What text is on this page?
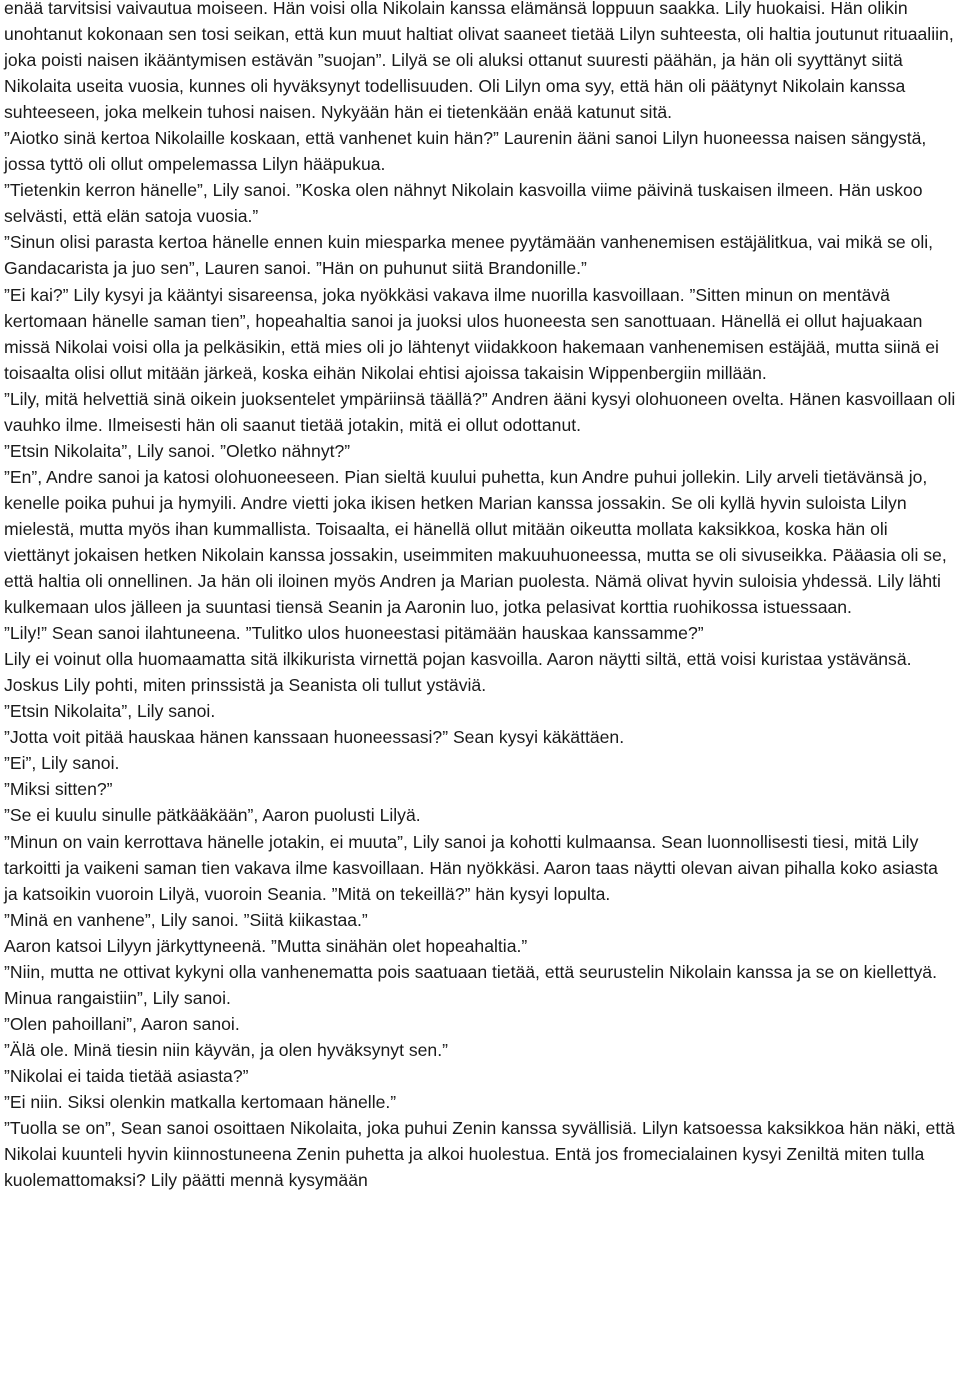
enää tarvitsisi vaivautua moiseen. Hän voisi olla Nikolain kanssa elämänsä loppuun saakka. Lily huokaisi. Hän olikin unohtanut kokonaan sen tosi seikan, että kun muut haltiat olivat saaneet tietää Lilyn suhteesta, oli haltia joutunut rituaaliin, joka poisti naisen ikääntymisen estävän ”suojan”. Lilyä se oli aluksi ottanut suuresti päähän, ja hän oli syyttänyt siitä Nikolaita useita vuosia, kunnes oli hyväksynyt todellisuuden. Oli Lilyn oma syy, että hän oli päätynyt Nikolain kanssa suhteeseen, joka melkein tuhosi naisen. Nykyään hän ei tietenkään enää katunut sitä.

”Aiotko sinä kertoa Nikolaille koskaan, että vanhenet kuin hän?” Laurenin ääni sanoi Lilyn huoneessa naisen sängystä, jossa tyttö oli ollut ompelemassa Lilyn hääpukua.

”Tietenkin kerron hänelle”, Lily sanoi. ”Koska olen nähnyt Nikolain kasvoilla viime päivinä tuskaisen ilmeen. Hän uskoo selvästi, että elän satoja vuosia.”

”Sinun olisi parasta kertoa hänelle ennen kuin miesparka menee pyytämään vanhenemisen estäjälitkua, vai mikä se oli, Gandacarista ja juo sen”, Lauren sanoi. ”Hän on puhunut siitä Brandonille.”

”Ei kai?” Lily kysyi ja kääntyi sisareensa, joka nyökkäsi vakava ilme nuorilla kasvoillaan. ”Sitten minun on mentävä kertomaan hänelle saman tien”, hopeahaltia sanoi ja juoksi ulos huoneesta sen sanottuaan. Hänellä ei ollut hajuakaan missä Nikolai voisi olla ja pelkäsikin, että mies oli jo lähtenyt viidakkoon hakemaan vanhenemisen estäjää, mutta siinä ei toisaalta olisi ollut mitään järkeä, koska eihän Nikolai ehtisi ajoissa takaisin Wippenbergiin millään.

”Lily, mitä helvettiä sinä oikein juoksentelet ympäriinsä täällä?” Andren ääni kysyi olohuoneen ovelta. Hänen kasvoillaan oli vauhko ilme. Ilmeisesti hän oli saanut tietää jotakin, mitä ei ollut odottanut.

”Etsin Nikolaita”, Lily sanoi. ”Oletko nähnyt?”

”En”, Andre sanoi ja katosi olohuoneeseen. Pian sieltä kuului puhetta, kun Andre puhui jollekin. Lily arveli tietävänsä jo, kenelle poika puhui ja hymyili. Andre vietti joka ikisen hetken Marian kanssa jossakin. Se oli kyllä hyvin suloista Lilyn mielestä, mutta myös ihan kummallista. Toisaalta, ei hänellä ollut mitään oikeutta mollata kaksikkoa, koska hän oli viettänyt jokaisen hetken Nikolain kanssa jossakin, useimmiten makuuhuoneessa, mutta se oli sivuseikka. Pääasia oli se, että haltia oli onnellinen. Ja hän oli iloinen myös Andren ja Marian puolesta. Nämä olivat hyvin suloisia yhdessä. Lily lähti kulkemaan ulos jälleen ja suuntasi tiensä Seanin ja Aaronin luo, jotka pelasivat korttia ruohikossa istuessaan.

”Lily!” Sean sanoi ilahtuneena. ”Tulitko ulos huoneestasi pitämään hauskaa kanssamme?”

Lily ei voinut olla huomaamatta sitä ilkikurista virnettä pojan kasvoilla. Aaron näytti siltä, että voisi kuristaa ystävänsä. Joskus Lily pohti, miten prinssistä ja Seanista oli tullut ystäviä.

”Etsin Nikolaita”, Lily sanoi.

”Jotta voit pitää hauskaa hänen kanssaan huoneessasi?” Sean kysyi käkättäen.

”Ei”, Lily sanoi.

”Miksi sitten?”

”Se ei kuulu sinulle pätkääkään”, Aaron puolusti Lilyä.

”Minun on vain kerrottava hänelle jotakin, ei muuta”, Lily sanoi ja kohotti kulmaansa. Sean luonnollisesti tiesi, mitä Lily tarkoitti ja vaikeni saman tien vakava ilme kasvoillaan. Hän nyökkäsi. Aaron taas näytti olevan aivan pihalla koko asiasta ja katsoikin vuoroin Lilyä, vuoroin Seania. ”Mitä on tekeillä?” hän kysyi lopulta.

”Minä en vanhene”, Lily sanoi. ”Siitä kiikastaa.”

Aaron katsoi Lilyyn järkyttyneenä. ”Mutta sinähän olet hopeahaltia.”

”Niin, mutta ne ottivat kykyni olla vanhenematta pois saatuaan tietää, että seurustelin Nikolain kanssa ja se on kiellettyä. Minua rangaistiin”, Lily sanoi.

”Olen pahoillani”, Aaron sanoi.

”Älä ole. Minä tiesin niin käyvän, ja olen hyväksynyt sen.”

”Nikolai ei taida tietää asiasta?”

”Ei niin. Siksi olenkin matkalla kertomaan hänelle.”

”Tuolla se on”, Sean sanoi osoittaen Nikolaita, joka puhui Zenin kanssa syvällisiä. Lilyn katsoessa kaksikkoa hän näki, että Nikolai kuunteli hyvin kiinnostuneena Zenin puhetta ja alkoi huolestua. Entä jos fromecialainen kysyi Zeniltä miten tulla kuolemattomaksi? Lily päätti mennä kysymään
